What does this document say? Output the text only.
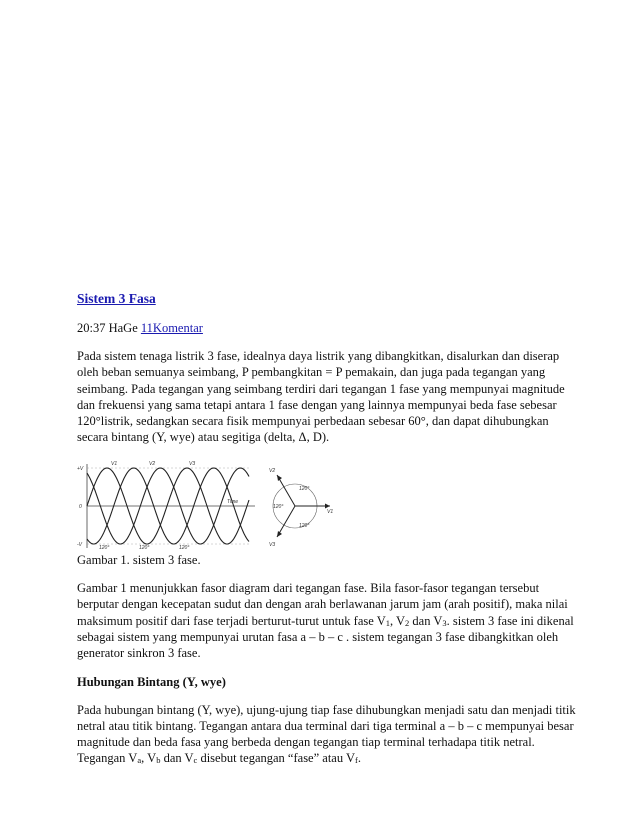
Sistem 3 Fasa
20:37 HaGe 11Komentar

Pada sistem tenaga listrik 3 fase, idealnya daya listrik yang dibangkitkan, disalurkan dan diserap oleh beban semuanya seimbang, P pembangkitan = P pemakain, dan juga pada tegangan yang seimbang. Pada tegangan yang seimbang terdiri dari tegangan 1 fase yang mempunyai magnitude dan frekuensi yang sama tetapi antara 1 fase dengan yang lainnya mempunyai beda fase sebesar 120°listrik, sedangkan secara fisik mempunyai perbedaan sebesar 60°, dan dapat dihubungkan secara bintang (Y, wye) atau segitiga (delta, Δ, D).

+V
0
-V
Time
V1	V2	V3
120°	120°	120°
V1
V2
V3
120°
120°
120°

Gambar 1. sistem 3 fase.

Gambar 1 menunjukkan fasor diagram dari tegangan fase. Bila fasor-fasor tegangan tersebut berputar dengan kecepatan sudut dan dengan arah berlawanan jarum jam (arah positif), maka nilai maksimum positif dari fase terjadi berturut-turut untuk fase $V_1$, $V_2$ dan $V_3$. sistem 3 fase ini dikenal sebagai sistem yang mempunyai urutan fasa a – b – c . sistem tegangan 3 fase dibangkitkan oleh generator sinkron 3 fase.

Hubungan Bintang (Y, wye)

Pada hubungan bintang (Y, wye), ujung-ujung tiap fase dihubungkan menjadi satu dan menjadi titik netral atau titik bintang. Tegangan antara dua terminal dari tiga terminal a – b – c mempunyai besar magnitude dan beda fasa yang berbeda dengan tegangan tiap terminal terhadapa titik netral. Tegangan $V_a$, $V_b$ dan $V_c$ disebut tegangan “fase” atau $V_f$.
